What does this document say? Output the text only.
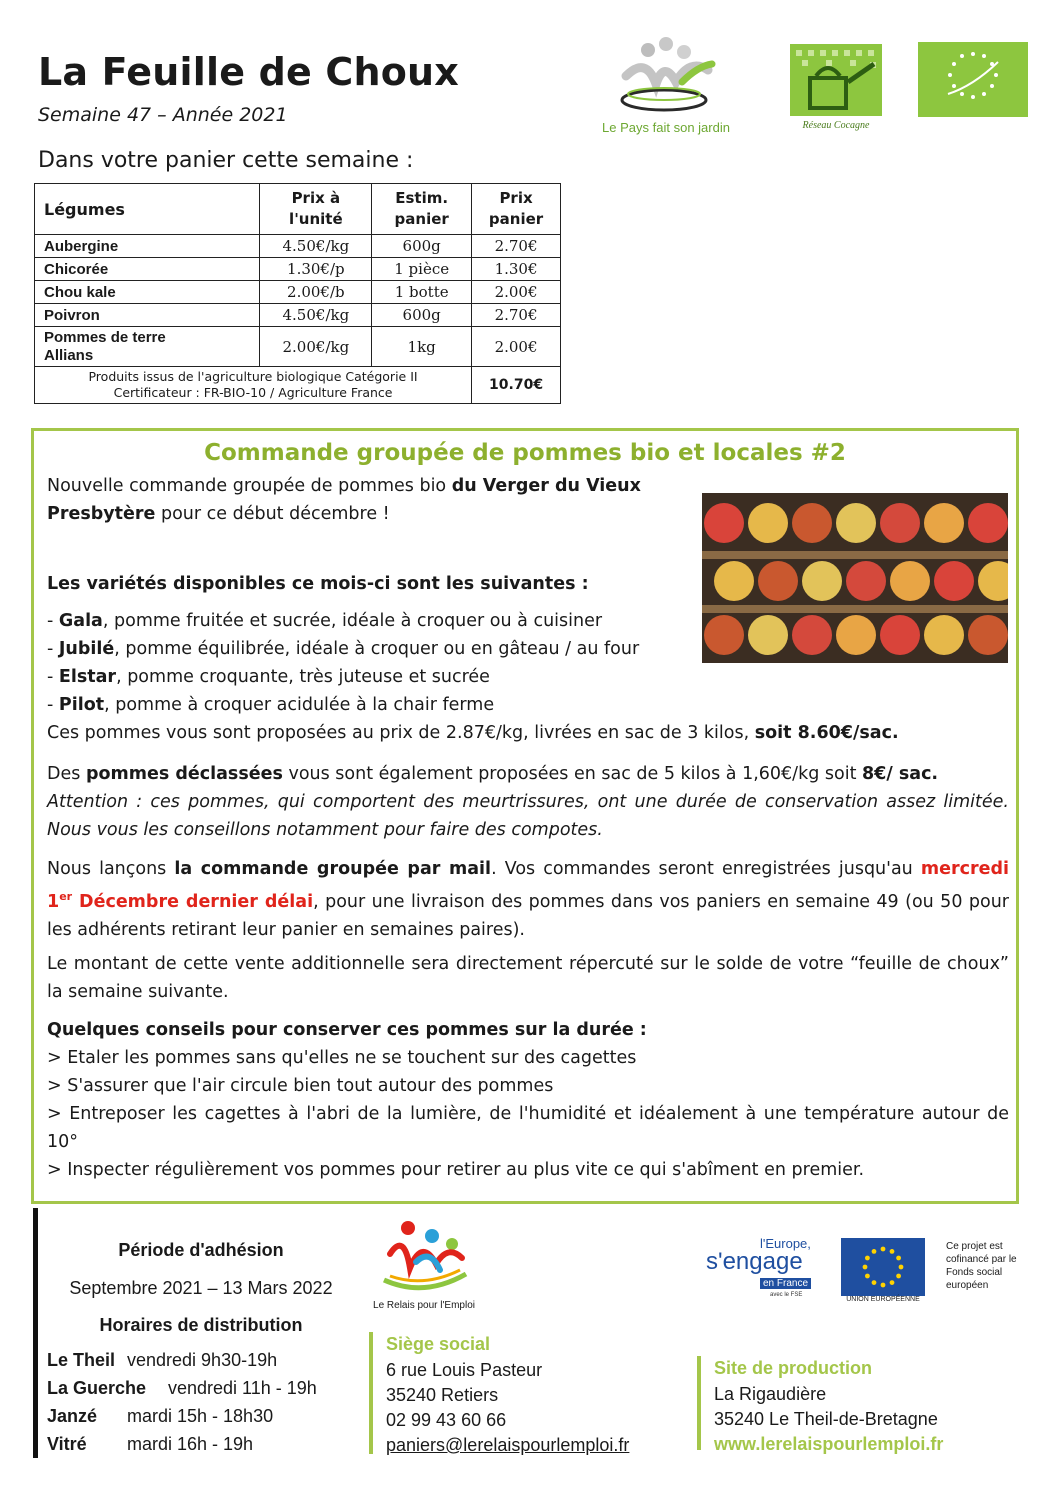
La Feuille de Choux
Semaine 47 – Année 2021
Dans votre panier cette semaine :
Le Pays fait son jardin	Réseau Cocagne
Légumes	Prix à l'unité	Estim. panier	Prix panier
Aubergine	4.50€/kg	600g	2.70€
Chicorée	1.30€/p	1 pièce	1.30€
Chou kale	2.00€/b	1 botte	2.00€
Poivron	4.50€/kg	600g	2.70€
Pommes de terre
Allians	2.00€/kg	1kg	2.00€

Produits issus de l'agriculture biologique Catégorie II
Certificateur : FR-BIO-10 / Agriculture France			10.70€
Commande groupée de pommes bio et locales #2
Nouvelle commande groupée de pommes bio du Verger du Vieux
Presbytère pour ce début décembre !
Les variétés disponibles ce mois-ci sont les suivantes :
- Gala, pomme fruitée et sucrée, idéale à croquer ou à cuisiner
- Jubilé, pomme équilibrée, idéale à croquer ou en gâteau / au four
- Elstar, pomme croquante, très juteuse et sucrée
- Pilot, pomme à croquer acidulée à la chair ferme
Ces pommes vous sont proposées au prix de 2.87€/kg, livrées en sac de 3 kilos, soit 8.60€/sac.
Des pommes déclassées vous sont également proposées en sac de 5 kilos à 1,60€/kg soit 8€/ sac.
Attention : ces pommes, qui comportent des meurtrissures, ont une durée de conservation assez limitée. Nous vous les conseillons notamment pour faire des compotes.
Nous lançons la commande groupée par mail. Vos commandes seront enregistrées jusqu'au mercredi 1er Décembre dernier délai, pour une livraison des pommes dans vos paniers en semaine 49 (ou 50 pour les adhérents retirant leur panier en semaines paires).
Le montant de cette vente additionnelle sera directement répercuté sur le solde de votre “feuille de choux” la semaine suivante.
Quelques conseils pour conserver ces pommes sur la durée :
> Etaler les pommes sans qu'elles ne se touchent sur des cagettes
> S'assurer que l'air circule bien tout autour des pommes
> Entreposer les cagettes à l'abri de la lumière, de l'humidité et idéalement à une température autour de 10°
> Inspecter régulièrement vos pommes pour retirer au plus vite ce qui s'abîment en premier.
Période d'adhésion
Septembre 2021 – 13 Mars 2022
Horaires de distribution
Le Theil vendredi 9h30-19h
La Guerche vendredi 11h - 19h
Janzé mardi 15h - 18h30
Vitré mardi 16h - 19h
Le Relais pour l'Emploi
Siège social
6 rue Louis Pasteur
35240 Retiers
02 99 43 60 66
paniers@lerelaispourlemploi.fr
l'Europe,
s'engage
en France
avec le FSE
UNION EUROPÉENNE
Ce projet est cofinancé par le Fonds social européen
Site de production
La Rigaudière
35240 Le Theil-de-Bretagne
www.lerelaispourlemploi.fr
